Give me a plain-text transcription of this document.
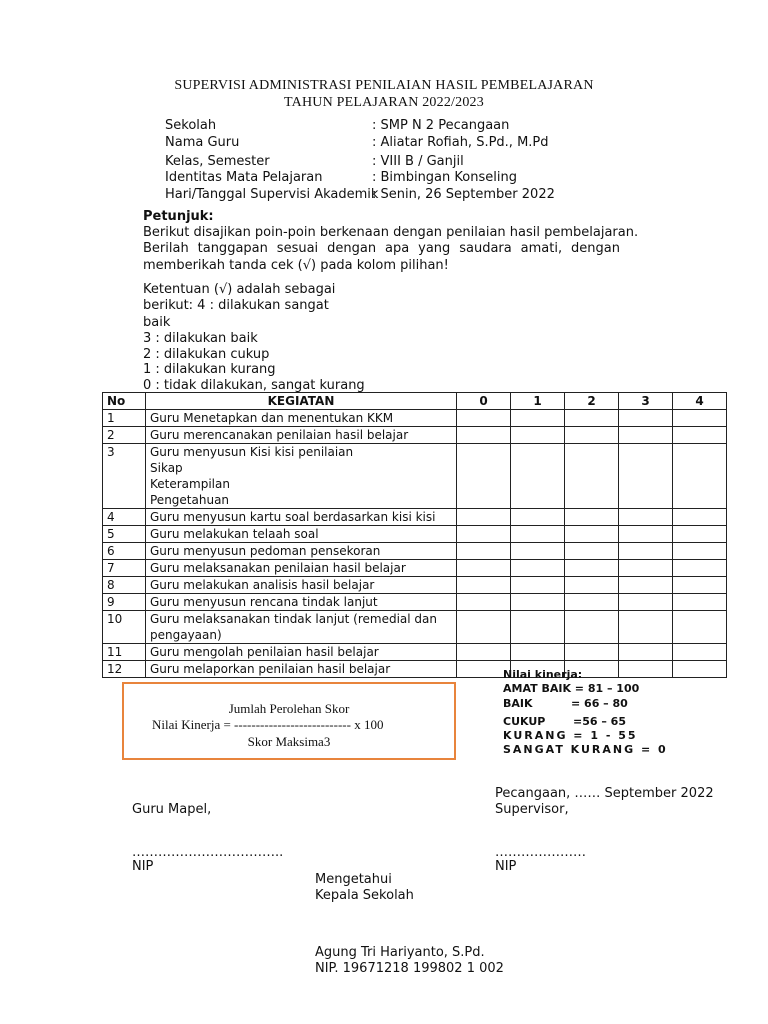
SUPERVISI ADMINISTRASI PENILAIAN HASIL PEMBELAJARAN
TAHUN PELAJARAN 2022/2023
Sekolah	: SMP N 2 Pecangaan
Nama Guru	: Aliatar Rofiah, S.Pd., M.Pd
Kelas, Semester	: VIII B / Ganjil
Identitas Mata Pelajaran	: Bimbingan Konseling
Hari/Tanggal Supervisi Akademik
: Senin, 26 September 2022
Petunjuk:
Berikut disajikan poin-poin berkenaan dengan penilaian hasil pembelajaran.
Berilah tanggapan sesuai dengan apa yang saudara amati, dengan
memberikah tanda cek (√) pada kolom pilihan!
Ketentuan (√) adalah sebagai
berikut: 4 : dilakukan sangat
baik
3 : dilakukan baik
2 : dilakukan cukup
1 : dilakukan kurang
0 : tidak dilakukan, sangat kurang
No	KEGIATAN	0	1	2	3	4
1	Guru Menetapkan dan menentukan KKM					

2	Guru merencanakan penilaian hasil belajar					

3	Guru menyusun Kisi kisi penilaian
Sikap
Keterampilan
Pengetahuan					

4	Guru menyusun kartu soal berdasarkan kisi kisi					

5	Guru melakukan telaah soal					

6	Guru menyusun pedoman pensekoran					

7	Guru melaksanakan penilaian hasil belajar					

8	Guru melakukan analisis hasil belajar					

9	Guru menyusun rencana tindak lanjut					

10	Guru melaksanakan tindak lanjut (remedial dan
pengayaan)					

11	Guru mengolah penilaian hasil belajar					

12	Guru melaporkan penilaian hasil belajar					

Jumlah Perolehan Skor
Nilai Kinerja = --------------------------- x 100
Skor Maksima3
Nilai kinerja:
AMAT BAIK = 81 – 100
BAIK	= 66 – 80
CUKUP	=56 – 65
KURANG = 1 - 55
SANGAT KURANG = 0
Pecangaan, …… September 2022
Supervisor,
Guru Mapel,
……………………………..	…………………
NIP	NIP
Mengetahui
Kepala Sekolah
Agung Tri Hariyanto, S.Pd.
NIP. 19671218 199802 1 002
